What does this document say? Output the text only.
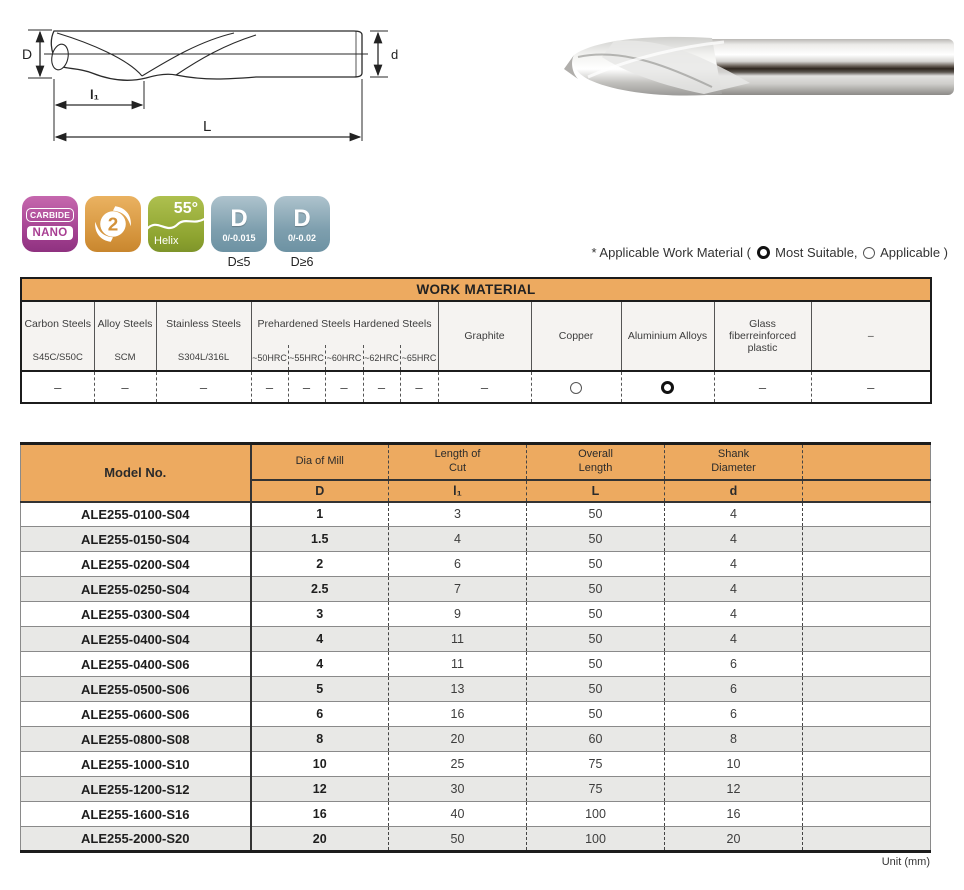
D	d
l₁
L
CARBIDE
NANO 2
55°
Helix
D
0/-0.015
D≤5
D
0/-0.02
D≥6
* Applicable Work Material ( Most Suitable, Applicable )
WORK MATERIAL												
Carbon Steels	Alloy Steels	Stainless Steels	Prehardened Steels Hardened Steels					Graphite	Copper	Aluminium Alloys	Glass fiberreinforced plastic	–
S45C/S50C	SCM	S304L/316L	~50HRC	~55HRC	~60HRC	~62HRC	~65HRC					
–	–	–	–	–	–	–	–	–			–	–
Model No.	Dia of Mill	Length of Cut	Overall Length	Shank Diameter	
	D	l₁	L	d	
ALE255-0100-S04	1	3	50	4	
ALE255-0150-S04	1.5	4	50	4	
ALE255-0200-S04	2	6	50	4	
ALE255-0250-S04	2.5	7	50	4	
ALE255-0300-S04	3	9	50	4	
ALE255-0400-S04	4	11	50	4	
ALE255-0400-S06	4	11	50	6	
ALE255-0500-S06	5	13	50	6	
ALE255-0600-S06	6	16	50	6	
ALE255-0800-S08	8	20	60	8	
ALE255-1000-S10	10	25	75	10	
ALE255-1200-S12	12	30	75	12	
ALE255-1600-S16	16	40	100	16	
ALE255-2000-S20	20	50	100	20	
Unit (mm)
